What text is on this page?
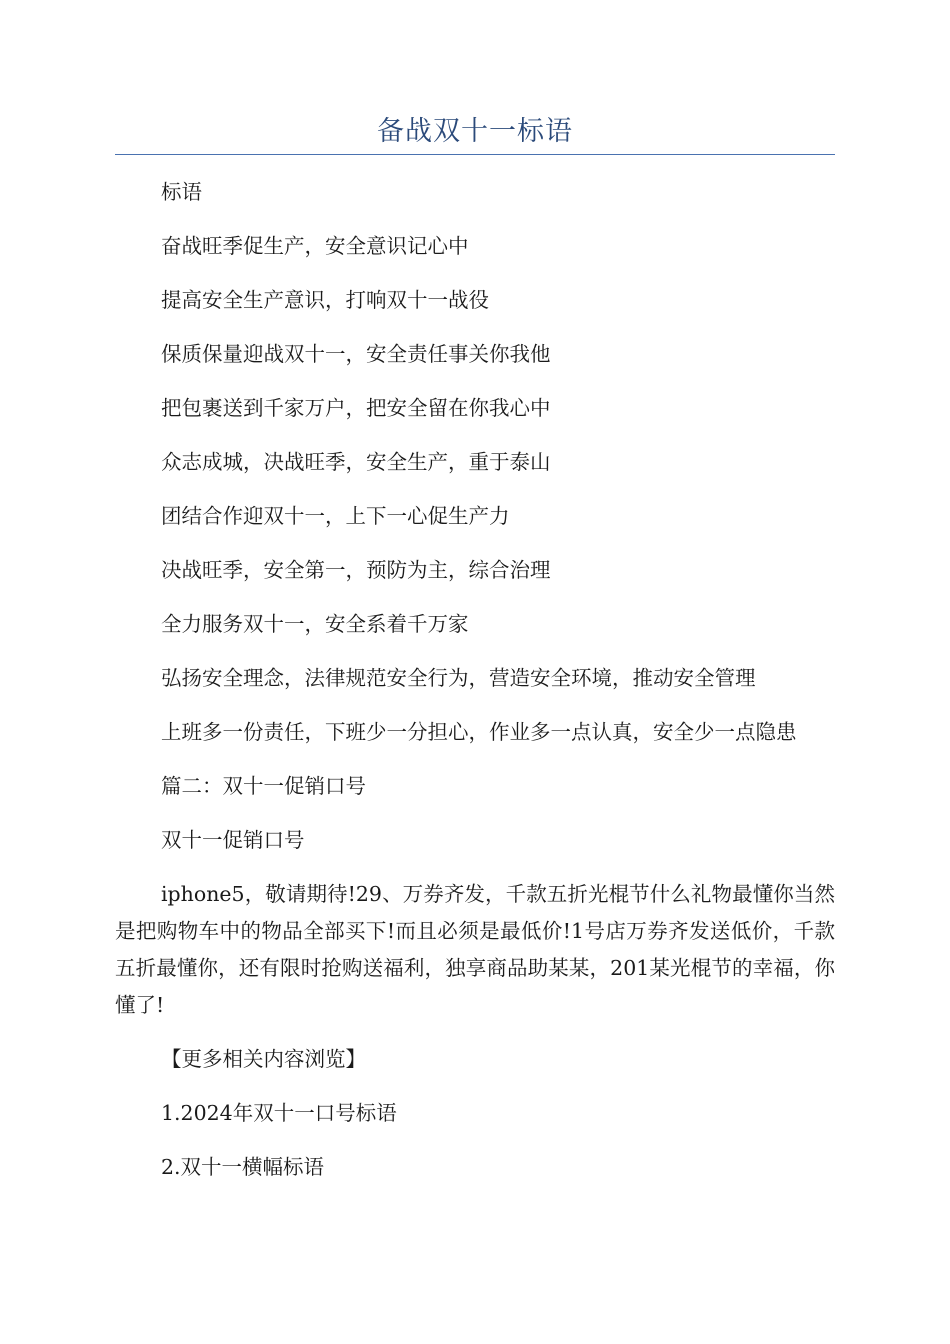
备战双十一标语

标语

奋战旺季促生产，安全意识记心中

提高安全生产意识，打响双十一战役

保质保量迎战双十一，安全责任事关你我他

把包裹送到千家万户，把安全留在你我心中

众志成城，决战旺季，安全生产，重于泰山

团结合作迎双十一，上下一心促生产力

决战旺季，安全第一，预防为主，综合治理

全力服务双十一，安全系着千万家

弘扬安全理念，法律规范安全行为，营造安全环境，推动安全管理

上班多一份责任，下班少一分担心，作业多一点认真，安全少一点隐患

篇二：双十一促销口号

双十一促销口号

iphone5，敬请期待!29、万券齐发，千款五折光棍节什么礼物最懂你当然是把购物车中的物品全部买下!而且必须是最低价!1号店万券齐发送低价，千款五折最懂你，还有限时抢购送福利，独享商品助某某，201某光棍节的幸福，你懂了!

【更多相关内容浏览】

1.2024年双十一口号标语

2.双十一横幅标语
